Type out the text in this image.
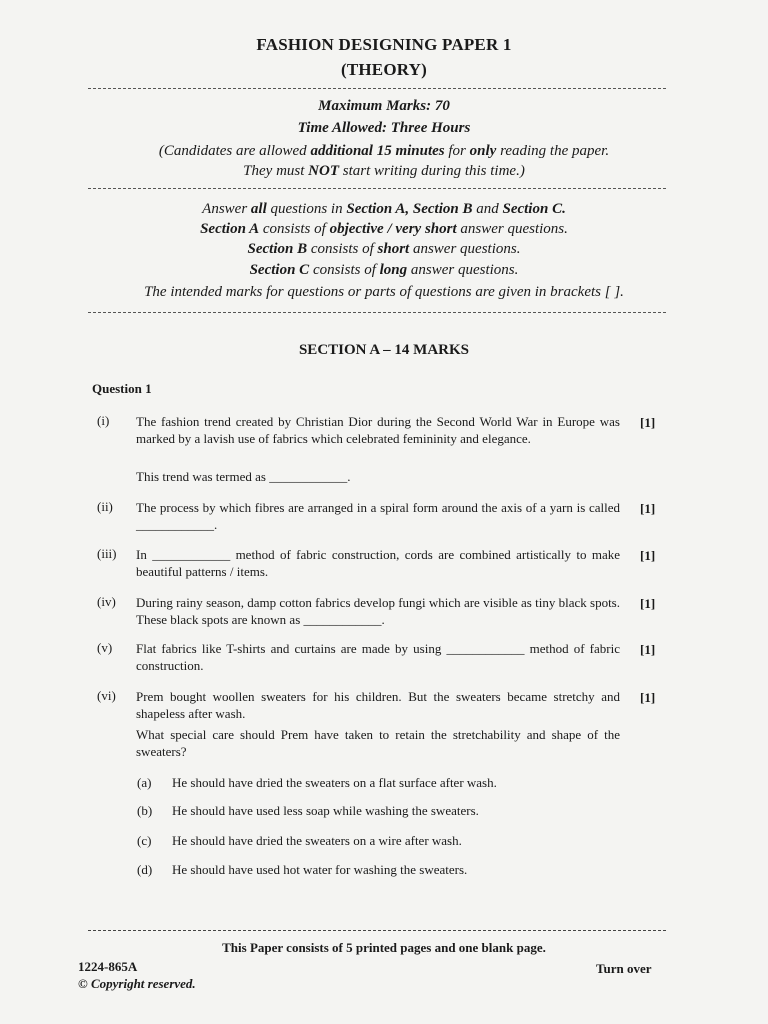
FASHION DESIGNING PAPER 1
(THEORY)
Maximum Marks: 70
Time Allowed: Three Hours
(Candidates are allowed additional 15 minutes for only reading the paper.
They must NOT start writing during this time.)
Answer all questions in Section A, Section B and Section C.
Section A consists of objective / very short answer questions.
Section B consists of short answer questions.
Section C consists of long answer questions.
The intended marks for questions or parts of questions are given in brackets [ ].
SECTION A – 14 MARKS
Question 1
(i) The fashion trend created by Christian Dior during the Second World War in Europe was marked by a lavish use of fabrics which celebrated femininity and elegance.
This trend was termed as ____________.
[1]
(ii) The process by which fibres are arranged in a spiral form around the axis of a yarn is called ____________.
[1]
(iii) In ____________ method of fabric construction, cords are combined artistically to make beautiful patterns / items.
[1]
(iv) During rainy season, damp cotton fabrics develop fungi which are visible as tiny black spots. These black spots are known as ____________.
[1]
(v) Flat fabrics like T-shirts and curtains are made by using ____________ method of fabric construction.
[1]
(vi) Prem bought woollen sweaters for his children. But the sweaters became stretchy and shapeless after wash.
What special care should Prem have taken to retain the stretchability and shape of the sweaters?
[1]
(a) He should have dried the sweaters on a flat surface after wash.
(b) He should have used less soap while washing the sweaters.
(c) He should have dried the sweaters on a wire after wash.
(d) He should have used hot water for washing the sweaters.
This Paper consists of 5 printed pages and one blank page.
1224-865A
© Copyright reserved.
Turn over
